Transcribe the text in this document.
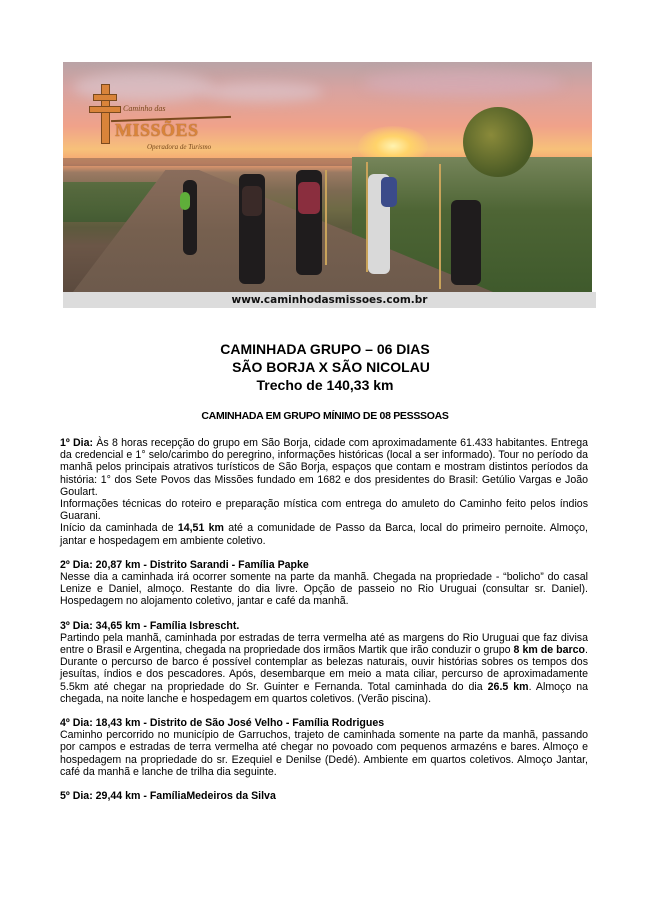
Caminho das
MISSÕES
Operadora de Turismo
www.caminhodasmissoes.com.br
CAMINHADA GRUPO – 06 DIAS
SÃO BORJA X SÃO NICOLAU
Trecho de 140,33 km
CAMINHADA EM GRUPO MÍNIMO DE 08 PESSSOAS

1º Dia: Às 8 horas recepção do grupo em São Borja, cidade com aproximadamente 61.433 habitantes. Entrega da credencial e 1° selo/carimbo do peregrino, informações históricas (local a ser informado). Tour no período da manhã pelos principais atrativos turísticos de São Borja, espaços que contam e mostram distintos períodos da história: 1° dos Sete Povos das Missões fundado em 1682 e dos presidentes do Brasil: Getúlio Vargas e João Goulart.

Informações técnicas do roteiro e preparação mística com entrega do amuleto do Caminho feito pelos índios Guarani.

Início da caminhada de 14,51 km até a comunidade de Passo da Barca, local do primeiro pernoite. Almoço, jantar e hospedagem em ambiente coletivo.

2º Dia: 20,87 km - Distrito Sarandi - Família Papke

Nesse dia a caminhada irá ocorrer somente na parte da manhã. Chegada na propriedade - “bolicho” do casal Lenize e Daniel, almoço. Restante do dia livre. Opção de passeio no Rio Uruguai (consultar sr. Daniel). Hospedagem no alojamento coletivo, jantar e café da manhã.

3º Dia: 34,65 km - Família Isbrescht.

Partindo pela manhã, caminhada por estradas de terra vermelha até as margens do Rio Uruguai que faz divisa entre o Brasil e Argentina, chegada na propriedade dos irmãos Martik que irão conduzir o grupo 8 km de barco. Durante o percurso de barco é possível contemplar as belezas naturais, ouvir histórias sobres os tempos dos jesuítas, índios e dos pescadores. Após, desembarque em meio a mata ciliar, percurso de aproximadamente 5.5km até chegar na propriedade do Sr. Guinter e Fernanda. Total caminhada do dia 26.5 km. Almoço na chegada, na noite lanche e hospedagem em quartos coletivos. (Verão piscina).

4º Dia: 18,43 km - Distrito de São José Velho - Família Rodrigues

Caminho percorrido no município de Garruchos, trajeto de caminhada somente na parte da manhã, passando por campos e estradas de terra vermelha até chegar no povoado com pequenos armazéns e bares. Almoço e hospedagem na propriedade do sr. Ezequiel e Denilse (Dedé). Ambiente em quartos coletivos. Almoço Jantar, café da manhã e lanche de trilha dia seguinte.

5º Dia: 29,44 km - FamíliaMedeiros da Silva
